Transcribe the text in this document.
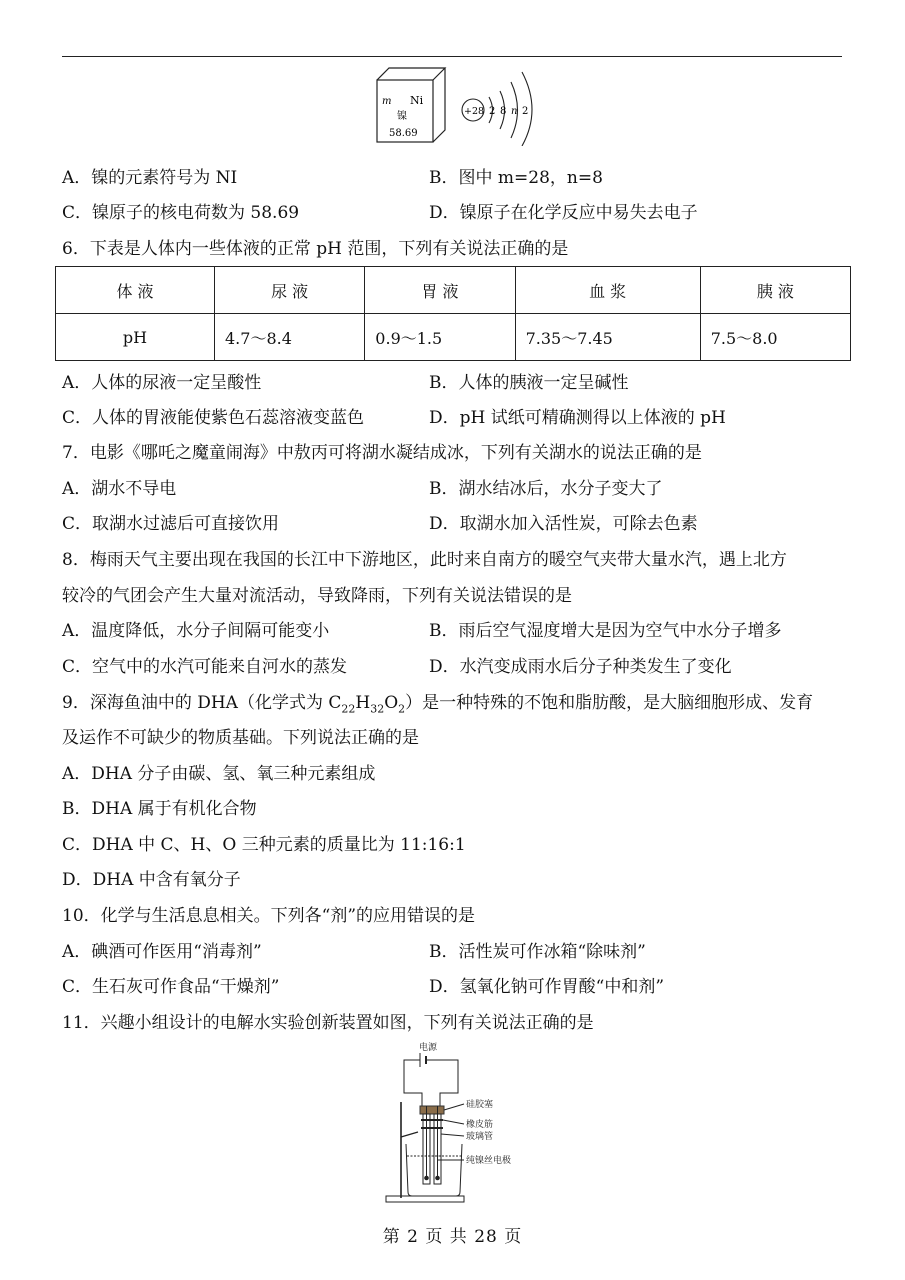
m Ni
镍
58.69
+28 2 8 n 2
A．镍的元素符号为 NI	B．图中 m=28，n=8
C．镍原子的核电荷数为 58.69	D．镍原子在化学反应中易失去电子
6．下表是人体内一些体液的正常 pH 范围，下列有关说法正确的是
体 液	尿 液	胃 液	血 浆	胰 液
pH	4.7～8.4	0.9～1.5	7.35～7.45	7.5～8.0
A．人体的尿液一定呈酸性	B．人体的胰液一定呈碱性
C．人体的胃液能使紫色石蕊溶液变蓝色	D．pH 试纸可精确测得以上体液的 pH
7．电影《哪吒之魔童闹海》中敖丙可将湖水凝结成冰，下列有关湖水的说法正确的是
A．湖水不导电	B．湖水结冰后，水分子变大了
C．取湖水过滤后可直接饮用	D．取湖水加入活性炭，可除去色素
8．梅雨天气主要出现在我国的长江中下游地区，此时来自南方的暖空气夹带大量水汽，遇上北方
较冷的气团会产生大量对流活动，导致降雨，下列有关说法错误的是
A．温度降低，水分子间隔可能变小	B．雨后空气湿度增大是因为空气中水分子增多
C．空气中的水汽可能来自河水的蒸发	D．水汽变成雨水后分子种类发生了变化
9．深海鱼油中的 DHA（化学式为 $C_{22}H_{32}O_2$）是一种特殊的不饱和脂肪酸，是大脑细胞形成、发育
及运作不可缺少的物质基础。下列说法正确的是
A．DHA 分子由碳、氢、氧三种元素组成
B．DHA 属于有机化合物
C．DHA 中 C、H、O 三种元素的质量比为 11:16:1
D．DHA 中含有氧分子
10．化学与生活息息相关。下列各“剂”的应用错误的是
A．碘酒可作医用“消毒剂”	B．活性炭可作冰箱“除味剂”
C．生石灰可作食品“干燥剂”	D．氢氧化钠可作胃酸“中和剂”
11．兴趣小组设计的电解水实验创新装置如图，下列有关说法正确的是
电源
硅胶塞
橡皮筋
玻璃管
纯镍丝电极
第 2 页 共 28 页
